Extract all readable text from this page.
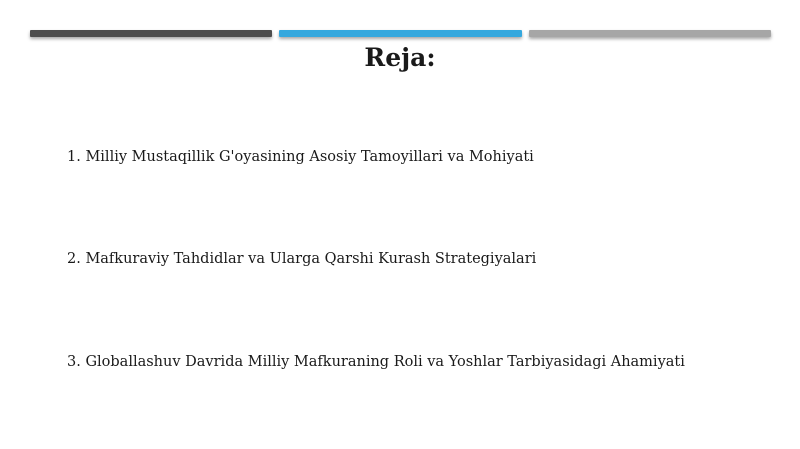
Reja:
1. Milliy Mustaqillik G'oyasining Asosiy Tamoyillari va Mohiyati
2. Mafkuraviy Tahdidlar va Ularga Qarshi Kurash Strategiyalari
3. Globallashuv Davrida Milliy Mafkuraning Roli va Yoshlar Tarbiyasidagi Ahamiyati
